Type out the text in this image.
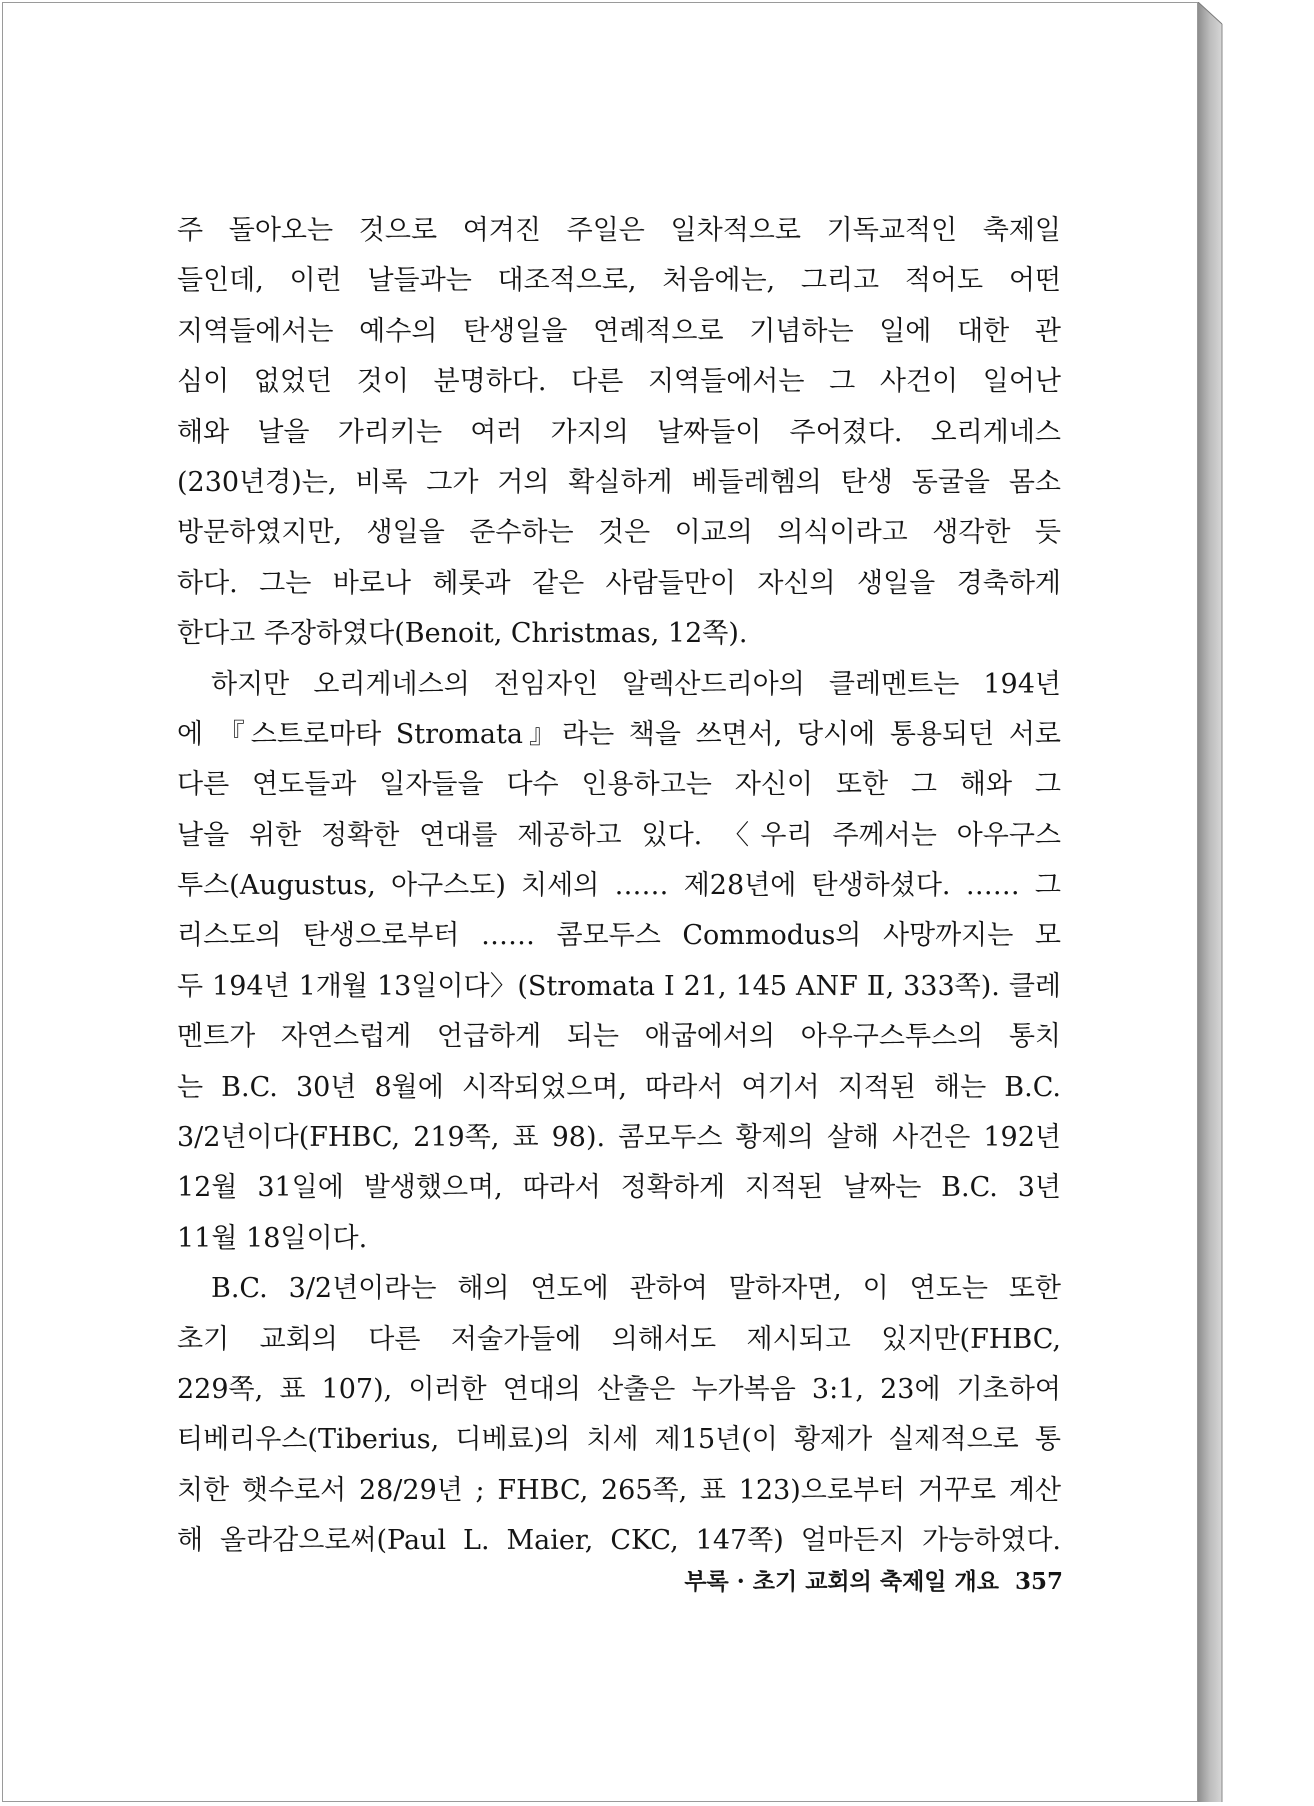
주 돌아오는 것으로 여겨진 주일은 일차적으로 기독교적인 축제일

들인데, 이런 날들과는 대조적으로, 처음에는, 그리고 적어도 어떤

지역들에서는 예수의 탄생일을 연례적으로 기념하는 일에 대한 관

심이 없었던 것이 분명하다. 다른 지역들에서는 그 사건이 일어난

해와 날을 가리키는 여러 가지의 날짜들이 주어졌다. 오리게네스

(230년경)는, 비록 그가 거의 확실하게 베들레헴의 탄생 동굴을 몸소

방문하였지만, 생일을 준수하는 것은 이교의 의식이라고 생각한 듯

하다. 그는 바로나 헤롯과 같은 사람들만이 자신의 생일을 경축하게

한다고 주장하였다(Benoit, Christmas, 12쪽).

하지만 오리게네스의 전임자인 알렉산드리아의 클레멘트는 194년

에 『스트로마타 Stromata』라는 책을 쓰면서, 당시에 통용되던 서로

다른 연도들과 일자들을 다수 인용하고는 자신이 또한 그 해와 그

날을 위한 정확한 연대를 제공하고 있다. 〈우리 주께서는 아우구스

투스(Augustus, 아구스도) 치세의 …… 제28년에 탄생하셨다. …… 그

리스도의 탄생으로부터 …… 콤모두스 Commodus의 사망까지는 모

두 194년 1개월 13일이다〉(Stromata I 21, 145 ANF Ⅱ, 333쪽). 클레

멘트가 자연스럽게 언급하게 되는 애굽에서의 아우구스투스의 통치

는 B.C. 30년 8월에 시작되었으며, 따라서 여기서 지적된 해는 B.C.

3/2년이다(FHBC, 219쪽, 표 98). 콤모두스 황제의 살해 사건은 192년

12월 31일에 발생했으며, 따라서 정확하게 지적된 날짜는 B.C. 3년

11월 18일이다.

B.C. 3/2년이라는 해의 연도에 관하여 말하자면, 이 연도는 또한

초기 교회의 다른 저술가들에 의해서도 제시되고 있지만(FHBC,

229쪽, 표 107), 이러한 연대의 산출은 누가복음 3:1, 23에 기초하여

티베리우스(Tiberius, 디베료)의 치세 제15년(이 황제가 실제적으로 통

치한 햇수로서 28/29년 ; FHBC, 265쪽, 표 123)으로부터 거꾸로 계산

해 올라감으로써(Paul L. Maier, CKC, 147쪽) 얼마든지 가능하였다.

부록 · 초기 교회의 축제일 개요 357
